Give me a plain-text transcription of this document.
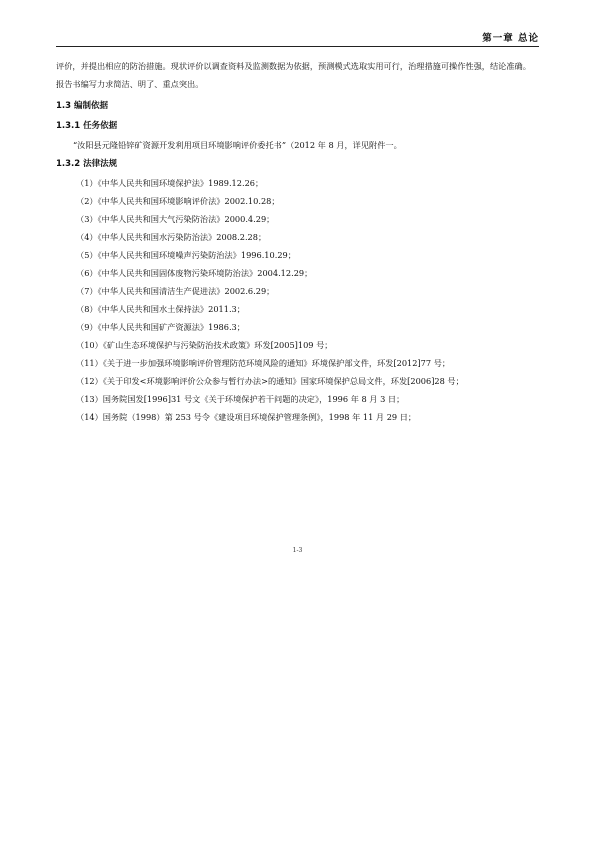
第一章 总论

评价，并提出相应的防治措施。现状评价以调查资料及监测数据为依据，预测模式选取实用可行，治理措施可操作性强，结论准确。报告书编写力求简洁、明了、重点突出。

1.3 编制依据

1.3.1 任务依据

“汝阳县元隆铅锌矿资源开发利用项目环境影响评价委托书”（2012 年 8 月，详见附件一。

1.3.2 法律法规

（1）《中华人民共和国环境保护法》1989.12.26；

（2）《中华人民共和国环境影响评价法》2002.10.28；

（3）《中华人民共和国大气污染防治法》2000.4.29；

（4）《中华人民共和国水污染防治法》2008.2.28；

（5）《中华人民共和国环境噪声污染防治法》1996.10.29；

（6）《中华人民共和国固体废物污染环境防治法》2004.12.29；

（7）《中华人民共和国清洁生产促进法》2002.6.29；

（8）《中华人民共和国水土保持法》2011.3；

（9）《中华人民共和国矿产资源法》1986.3；

（10）《矿山生态环境保护与污染防治技术政策》环发[2005]109 号；

（11）《关于进一步加强环境影响评价管理防范环境风险的通知》环境保护部文件，环发[2012]77 号；

（12）《关于印发<环境影响评价公众参与暂行办法>的通知》国家环境保护总局文件，环发[2006]28 号；

（13）国务院国发[1996]31 号文《关于环境保护若干问题的决定》，1996 年 8 月 3 日；

（14）国务院（1998）第 253 号令《建设项目环境保护管理条例》，1998 年 11 月 29 日；

1-3
